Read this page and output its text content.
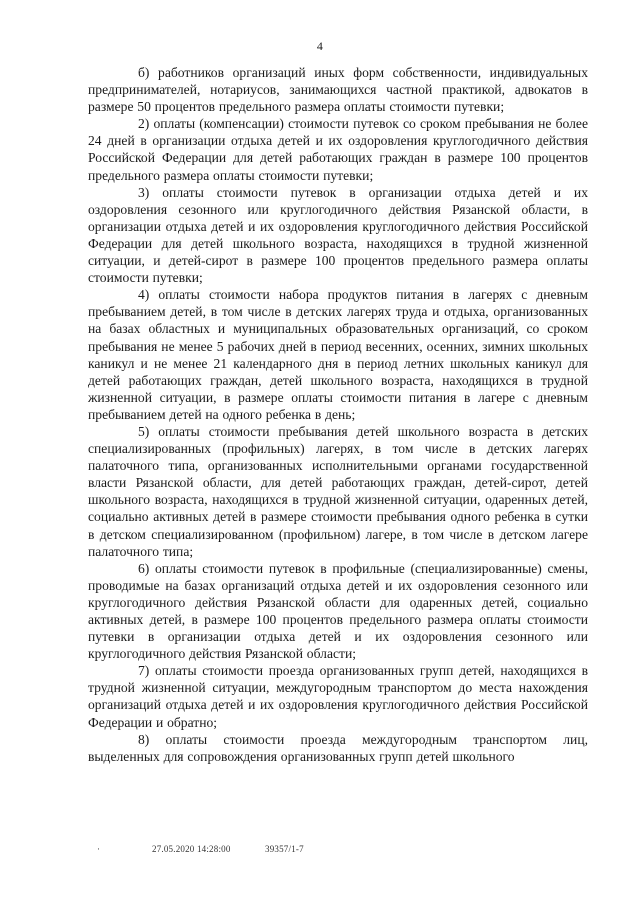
4

б) работников организаций иных форм собственности, индивидуальных предпринимателей, нотариусов, занимающихся частной практикой, адвокатов в размере 50 процентов предельного размера оплаты стоимости путевки;

2) оплаты (компенсации) стоимости путевок со сроком пребывания не более 24 дней в организации отдыха детей и их оздоровления круглогодичного действия Российской Федерации для детей работающих граждан в размере 100 процентов предельного размера оплаты стоимости путевки;

3) оплаты стоимости путевок в организации отдыха детей и их оздоровления сезонного или круглогодичного действия Рязанской области, в организации отдыха детей и их оздоровления круглогодичного действия Российской Федерации для детей школьного возраста, находящихся в трудной жизненной ситуации, и детей-сирот в размере 100 процентов предельного размера оплаты стоимости путевки;

4) оплаты стоимости набора продуктов питания в лагерях с дневным пребыванием детей, в том числе в детских лагерях труда и отдыха, организованных на базах областных и муниципальных образовательных организаций, со сроком пребывания не менее 5 рабочих дней в период весенних, осенних, зимних школьных каникул и не менее 21 календарного дня в период летних школьных каникул для детей работающих граждан, детей школьного возраста, находящихся в трудной жизненной ситуации, в размере оплаты стоимости питания в лагере с дневным пребыванием детей на одного ребенка в день;

5) оплаты стоимости пребывания детей школьного возраста в детских специализированных (профильных) лагерях, в том числе в детских лагерях палаточного типа, организованных исполнительными органами государственной власти Рязанской области, для детей работающих граждан, детей-сирот, детей школьного возраста, находящихся в трудной жизненной ситуации, одаренных детей, социально активных детей в размере стоимости пребывания одного ребенка в сутки в детском специализированном (профильном) лагере, в том числе в детском лагере палаточного типа;

6) оплаты стоимости путевок в профильные (специализированные) смены, проводимые на базах организаций отдыха детей и их оздоровления сезонного или круглогодичного действия Рязанской области для одаренных детей, социально активных детей, в размере 100 процентов предельного размера оплаты стоимости путевки в организации отдыха детей и их оздоровления сезонного или круглогодичного действия Рязанской области;

7) оплаты стоимости проезда организованных групп детей, находящихся в трудной жизненной ситуации, междугородным транспортом до места нахождения организаций отдыха детей и их оздоровления круглогодичного действия Российской Федерации и обратно;

8) оплаты стоимости проезда междугородным транспортом лиц, выделенных для сопровождения организованных групп детей школьного

·	27.05.2020 14:28:00	39357/1-7
